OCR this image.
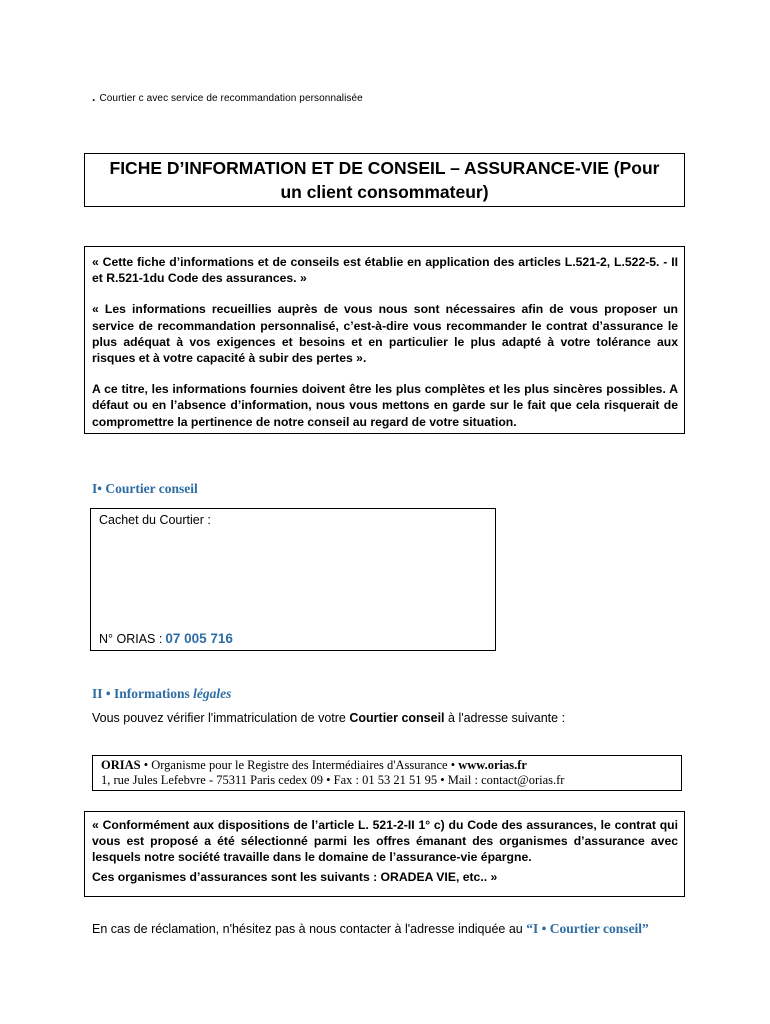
. Courtier c avec service de recommandation personnalisée
FICHE D’INFORMATION ET DE CONSEIL – ASSURANCE-VIE (Pour un client consommateur)

« Cette fiche d’informations et de conseils est établie en application des articles L.521-2, L.522-5. - II et R.521-1du Code des assurances. »

« Les informations recueillies auprès de vous nous sont nécessaires afin de vous proposer un service de recommandation personnalisé, c’est-à-dire vous recommander le contrat d’assurance le plus adéquat à vos exigences et besoins et en particulier le plus adapté à votre tolérance aux risques et à votre capacité à subir des pertes ».

A ce titre, les informations fournies doivent être les plus complètes et les plus sincères possibles. A défaut ou en l’absence d’information, nous vous mettons en garde sur le fait que cela risquerait de compromettre la pertinence de notre conseil au regard de votre situation.

I• Courtier conseil
Cachet du Courtier :
N° ORIAS : 07 005 716
II • Informations légales
Vous pouvez vérifier l'immatriculation de votre Courtier conseil à l'adresse suivante :
ORIAS • Organisme pour le Registre des Intermédiaires d'Assurance • www.orias.fr
1, rue Jules Lefebvre - 75311 Paris cedex 09 • Fax : 01 53 21 51 95 • Mail : contact@orias.fr

« Conformément aux dispositions de l’article L. 521-2-II 1° c) du Code des assurances, le contrat qui vous est proposé a été sélectionné parmi les offres émanant des organismes d’assurance avec lesquels notre société travaille dans le domaine de l’assurance-vie épargne.

Ces organismes d’assurances sont les suivants : ORADEA VIE, etc.. »

En cas de réclamation, n'hésitez pas à nous contacter à l'adresse indiquée au “I • Courtier conseil”
